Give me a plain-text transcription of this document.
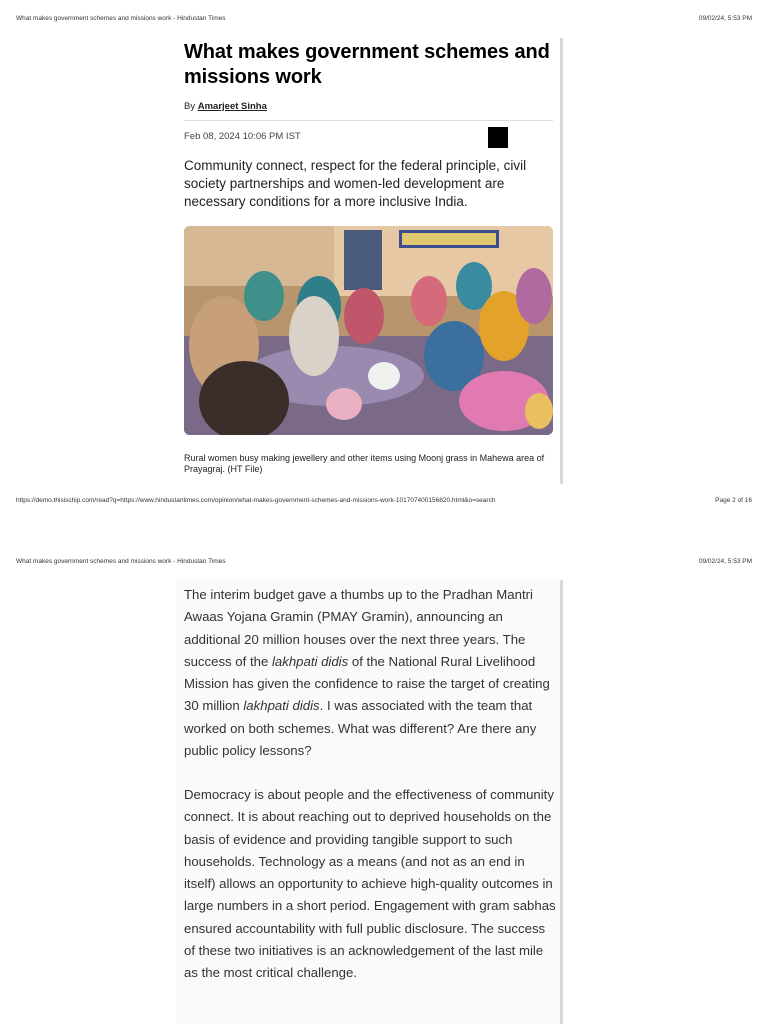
What makes government schemes and missions work - Hindustan Times	09/02/24, 5:53 PM
What makes government schemes and missions work
By Amarjeet Sinha
Feb 08, 2024 10:06 PM IST
Community connect, respect for the federal principle, civil society partnerships and women-led development are necessary conditions for a more inclusive India.
Rural women busy making jewellery and other items using Moonj grass in Mahewa area of Prayagraj. (HT File)
https://demo.thisischip.com/read?q=https://www.hindustantimes.com/opinion/what-makes-government-schemes-and-missions-work-101707400156820.html&o=search	Page 2 of 16
What makes government schemes and missions work - Hindustan Times	09/02/24, 5:53 PM
The interim budget gave a thumbs up to the Pradhan Mantri Awaas Yojana Gramin (PMAY Gramin), announcing an additional 20 million houses over the next three years. The success of the lakhpati didis of the National Rural Livelihood Mission has given the confidence to raise the target of creating 30 million lakhpati didis. I was associated with the team that worked on both schemes. What was different? Are there any public policy lessons?
Democracy is about people and the effectiveness of community connect. It is about reaching out to deprived households on the basis of evidence and providing tangible support to such households. Technology as a means (and not as an end in itself) allows an opportunity to achieve high-quality outcomes in large numbers in a short period. Engagement with gram sabhas ensured accountability with full public disclosure. The success of these two initiatives is an acknowledgement of the last mile as the most critical challenge.
